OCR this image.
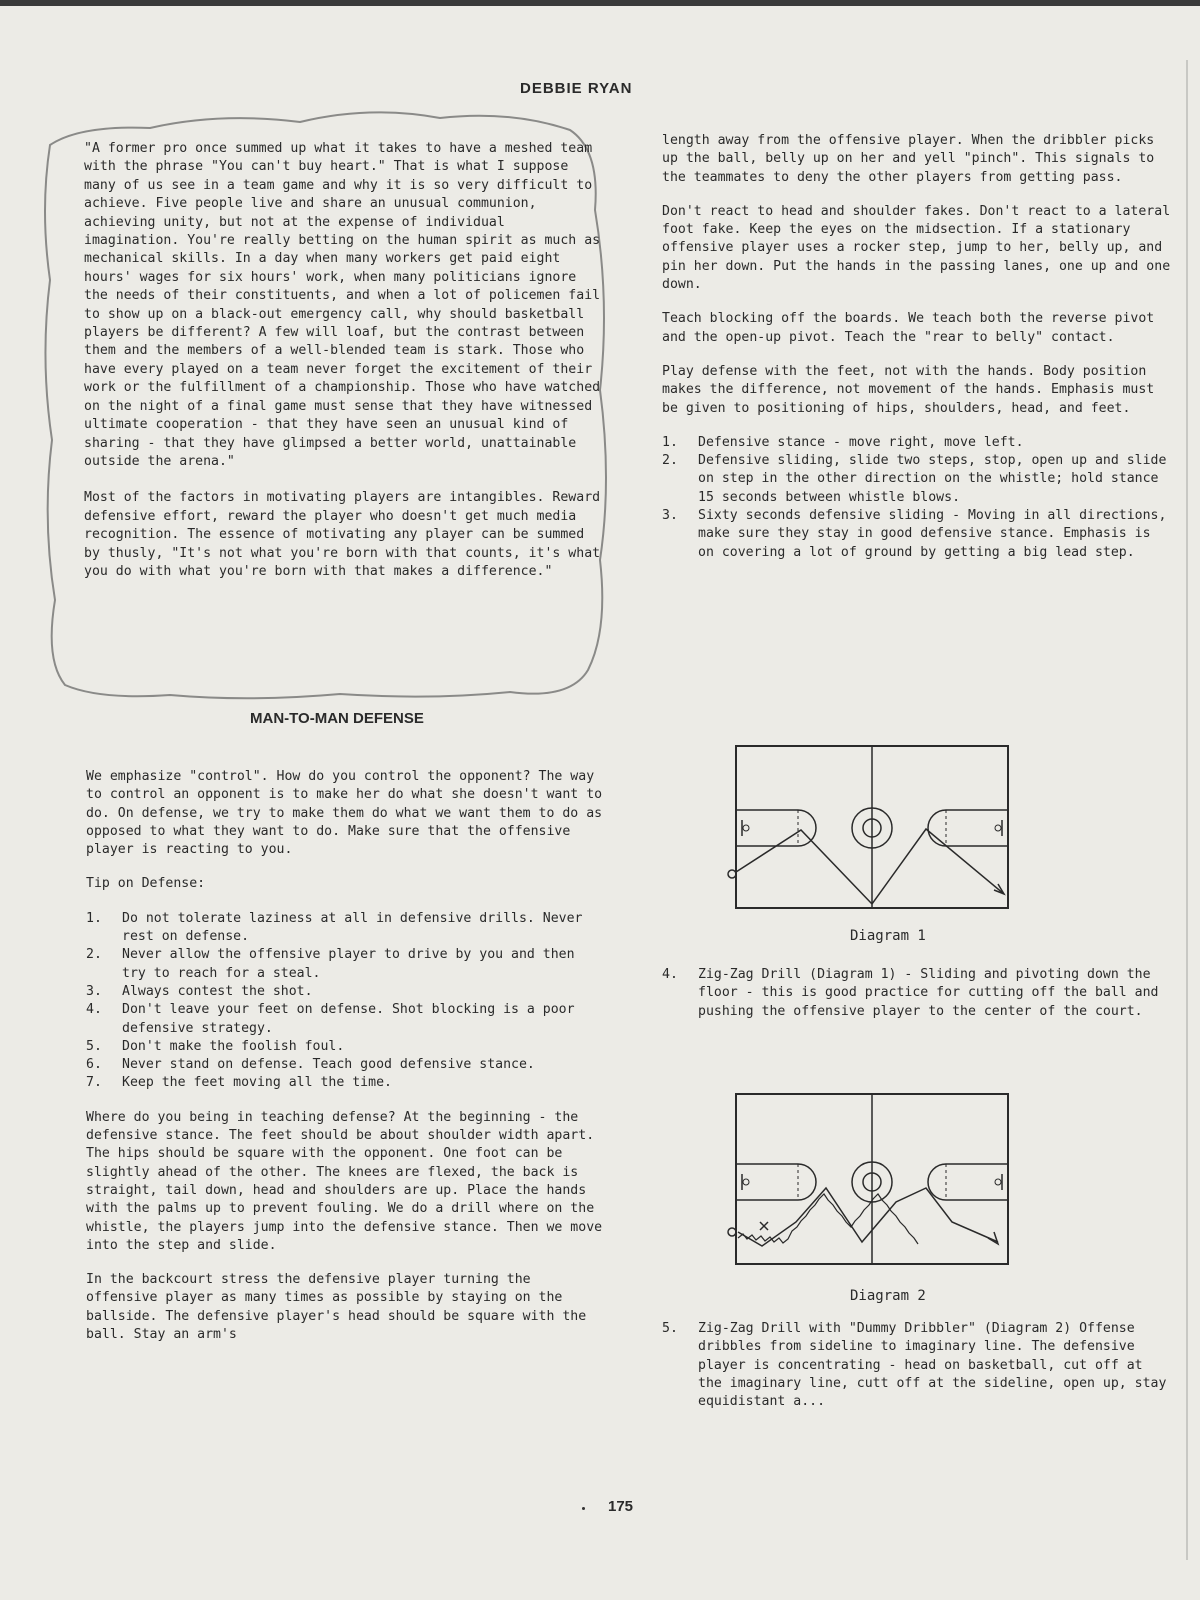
DEBBIE RYAN

"A former pro once summed up what it takes to have a meshed team with the phrase "You can't buy heart." That is what I suppose many of us see in a team game and why it is so very difficult to achieve. Five people live and share an unusual communion, achieving unity, but not at the expense of individual imagination. You're really betting on the human spirit as much as mechanical skills. In a day when many workers get paid eight hours' wages for six hours' work, when many politicians ignore the needs of their constituents, and when a lot of policemen fail to show up on a black-out emergency call, why should basketball players be different? A few will loaf, but the contrast between them and the members of a well-blended team is stark. Those who have every played on a team never forget the excitement of their work or the fulfillment of a championship. Those who have watched on the night of a final game must sense that they have witnessed ultimate cooperation - that they have seen an unusual kind of sharing - that they have glimpsed a better world, unattainable outside the arena."

Most of the factors in motivating players are intangibles. Reward defensive effort, reward the player who doesn't get much media recognition. The essence of motivating any player can be summed by thusly, "It's not what you're born with that counts, it's what you do with what you're born with that makes a difference."

MAN-TO-MAN DEFENSE

We emphasize "control". How do you control the opponent? The way to control an opponent is to make her do what she doesn't want to do. On defense, we try to make them do what we want them to do as opposed to what they want to do. Make sure that the offensive player is reacting to you.

Tip on Defense:

1. Do not tolerate laziness at all in defensive drills. Never rest on defense.
2. Never allow the offensive player to drive by you and then try to reach for a steal.
3. Always contest the shot.
4. Don't leave your feet on defense. Shot blocking is a poor defensive strategy.
5. Don't make the foolish foul.
6. Never stand on defense. Teach good defensive stance.
7. Keep the feet moving all the time.

Where do you being in teaching defense? At the beginning - the defensive stance. The feet should be about shoulder width apart. The hips should be square with the opponent. One foot can be slightly ahead of the other. The knees are flexed, the back is straight, tail down, head and shoulders are up. Place the hands with the palms up to prevent fouling. We do a drill where on the whistle, the players jump into the defensive stance. Then we move into the step and slide.

In the backcourt stress the defensive player turning the offensive player as many times as possible by staying on the ballside. The defensive player's head should be square with the ball. Stay an arm's

length away from the offensive player. When the dribbler picks up the ball, belly up on her and yell "pinch". This signals to the teammates to deny the other players from getting pass.

Don't react to head and shoulder fakes. Don't react to a lateral foot fake. Keep the eyes on the midsection. If a stationary offensive player uses a rocker step, jump to her, belly up, and pin her down. Put the hands in the passing lanes, one up and one down.

Teach blocking off the boards. We teach both the reverse pivot and the open-up pivot. Teach the "rear to belly" contact.

Play defense with the feet, not with the hands. Body position makes the difference, not movement of the hands. Emphasis must be given to positioning of hips, shoulders, head, and feet.

1. Defensive stance - move right, move left.
2. Defensive sliding, slide two steps, stop, open up and slide on step in the other direction on the whistle; hold stance 15 seconds between whistle blows.
3. Sixty seconds defensive sliding - Moving in all directions, make sure they stay in good defensive stance. Emphasis is on covering a lot of ground by getting a big lead step.
Diagram 1
4. Zig-Zag Drill (Diagram 1) - Sliding and pivoting down the floor - this is good practice for cutting off the ball and pushing the offensive player to the center of the court.
Diagram 2
5. Zig-Zag Drill with "Dummy Dribbler" (Diagram 2) Offense dribbles from sideline to imaginary line. The defensive player is concentrating - head on basketball, cut off at the imaginary line, cutt off at the sideline, open up, stay equidistant a...
175
